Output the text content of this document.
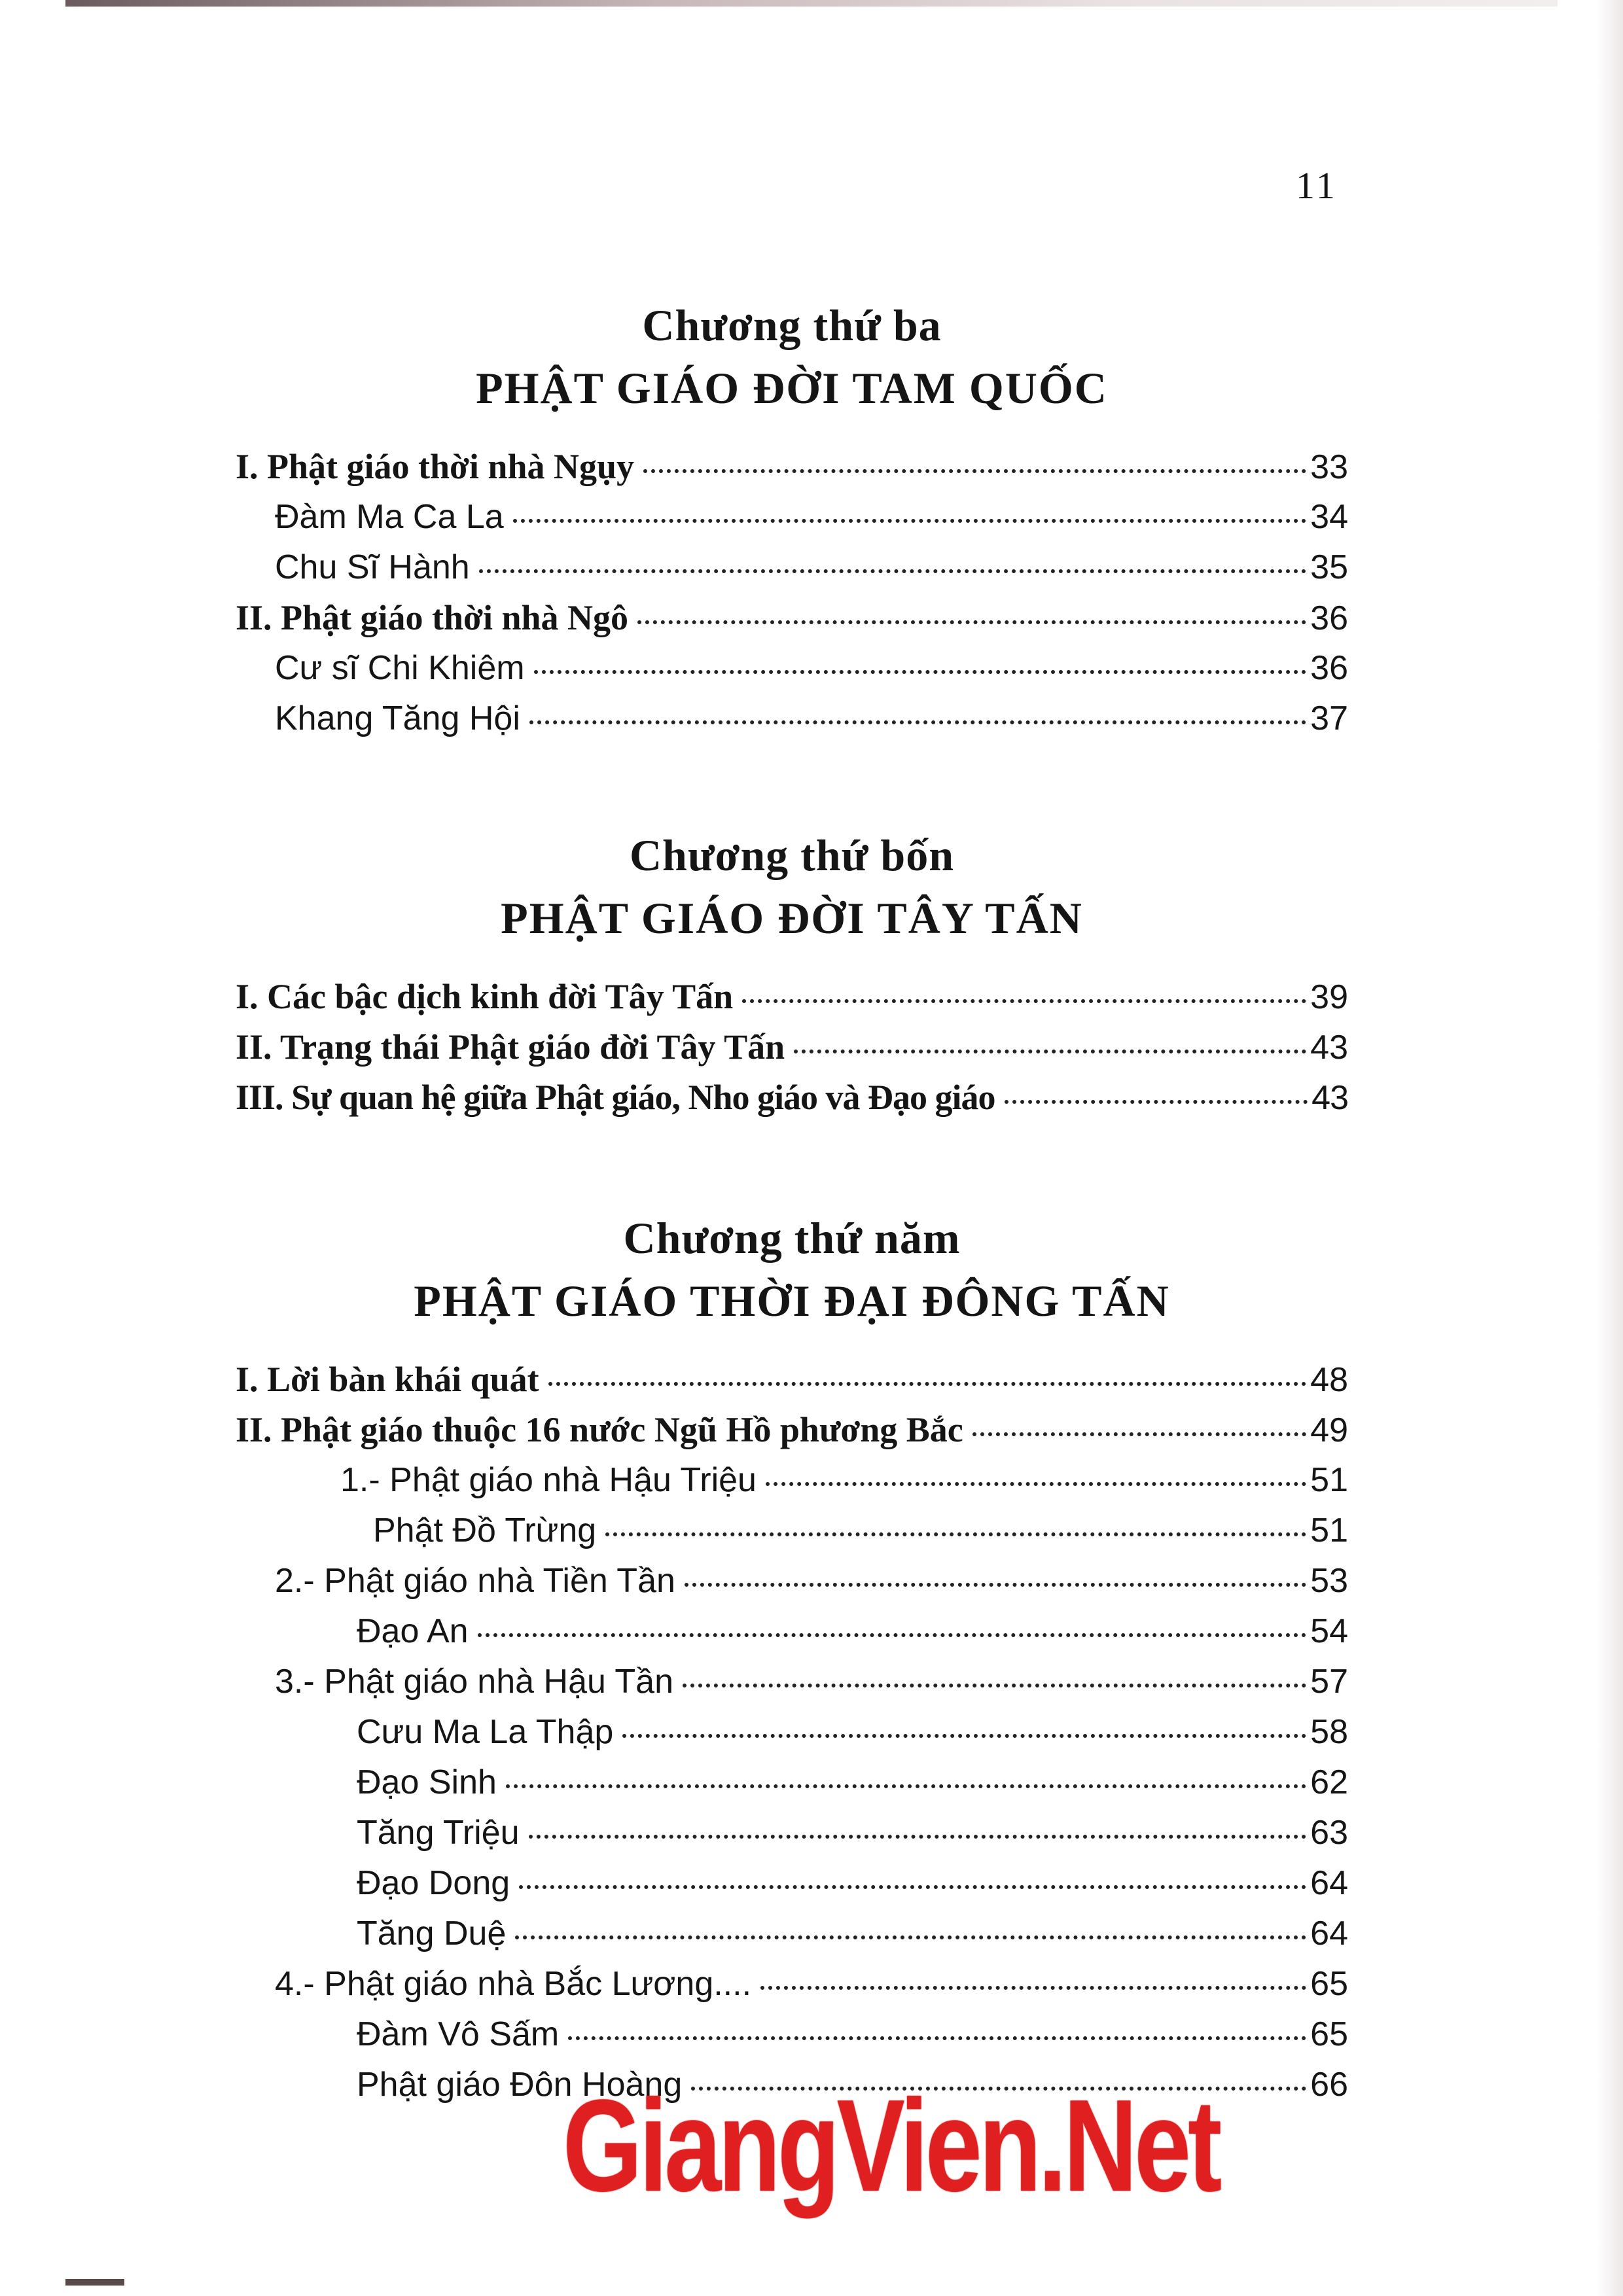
11
Chương thứ ba
PHẬT GIÁO ĐỜI TAM QUỐC
I. Phật giáo thời nhà Ngụy	33
Đàm Ma Ca La	34
Chu Sĩ Hành	35
II. Phật giáo thời nhà Ngô	36
Cư sĩ Chi Khiêm	36
Khang Tăng Hội	37
Chương thứ bốn
PHẬT GIÁO ĐỜI TÂY TẤN
I. Các bậc dịch kinh đời Tây Tấn	39
II. Trạng thái Phật giáo đời Tây Tấn	43
III. Sự quan hệ giữa Phật giáo, Nho giáo và Đạo giáo	43
Chương thứ năm
PHẬT GIÁO THỜI ĐẠI ĐÔNG TẤN
I. Lời bàn khái quát	48
II. Phật giáo thuộc 16 nước Ngũ Hồ phương Bắc	49
1.- Phật giáo nhà Hậu Triệu	51
Phật Đồ Trừng	51
2.- Phật giáo nhà Tiền Tần	53
Đạo An	54
3.- Phật giáo nhà Hậu Tần	57
Cưu Ma La Thập	58
Đạo Sinh	62
Tăng Triệu	63
Đạo Dong	64
Tăng Duệ	64
4.- Phật giáo nhà Bắc Lương....	65
Đàm Vô Sấm	65
Phật giáo Đôn Hoàng	66
GiangVien.Net
